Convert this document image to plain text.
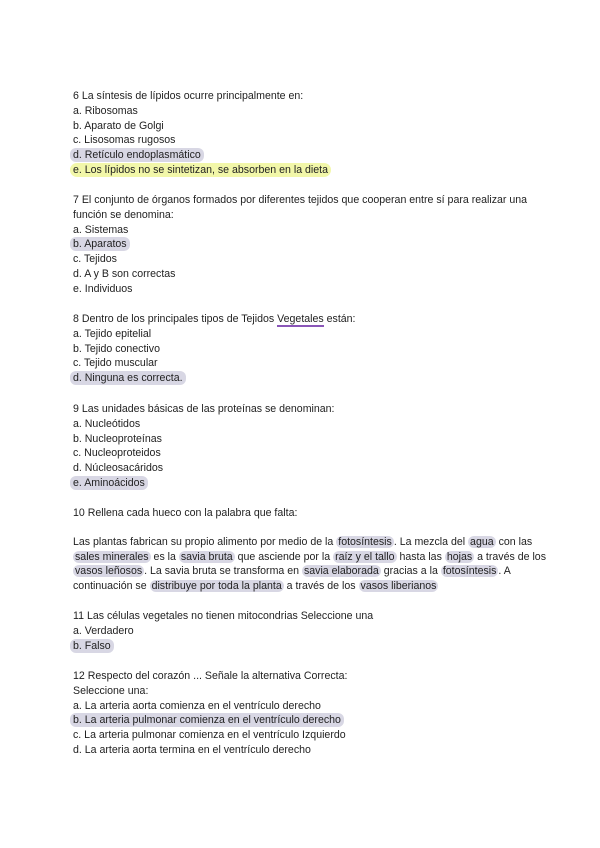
6 La síntesis de lípidos ocurre principalmente en:
a. Ribosomas
b. Aparato de Golgi
c. Lisosomas rugosos
d. Retículo endoplasmático
e. Los lípidos no se sintetizan, se absorben en la dieta
7 El conjunto de órganos formados por diferentes tejidos que cooperan entre sí para realizar una
función se denomina:
a. Sistemas
b. Aparatos
c. Tejidos
d. A y B son correctas
e. Individuos
8 Dentro de los principales tipos de Tejidos Vegetales están:
a. Tejido epitelial
b. Tejido conectivo
c. Tejido muscular
d. Ninguna es correcta.
9 Las unidades básicas de las proteínas se denominan:
a. Nucleótidos
b. Nucleoproteínas
c. Nucleoproteidos
d. Núcleosacáridos
e. Aminoácidos
10 Rellena cada hueco con la palabra que falta:
Las plantas fabrican su propio alimento por medio de la fotosíntesis . La mezcla del agua con las sales minerales es la savia bruta que asciende por la raíz y el tallo hasta las hojas a través de los vasos leñosos . La savia bruta se transforma en savia elaborada gracias a la fotosíntesis . A continuación se distribuye por toda la planta a través de los vasos liberianos
11 Las células vegetales no tienen mitocondrias Seleccione una
a. Verdadero
b. Falso
12 Respecto del corazón ... Señale la alternativa Correcta:
Seleccione una:
a. La arteria aorta comienza en el ventrículo derecho
b. La arteria pulmonar comienza en el ventrículo derecho
c. La arteria pulmonar comienza en el ventrículo Izquierdo
d. La arteria aorta termina en el ventrículo derecho
